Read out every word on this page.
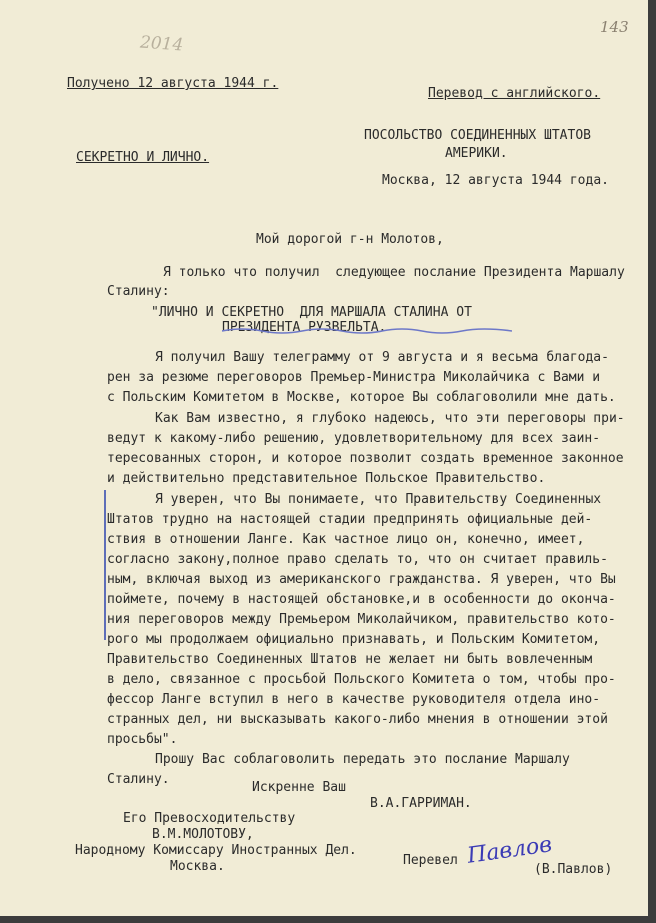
143
2014
Получено 12 августа 1944 г.
Перевод с английского.
ПОСОЛЬСТВО СОЕДИНЕННЫХ ШТАТОВ
АМЕРИКИ.
СЕКРЕТНО И ЛИЧНО.
Москва, 12 августа 1944 года.
Мой дорогой г-н Молотов,
Я только что получил  следующее послание Президента Маршалу
Сталину:
"ЛИЧНО И СЕКРЕТНО  ДЛЯ МАРШАЛА СТАЛИНА ОТ
ПРЕЗИДЕНТА РУЗВЕЛЬТА.
Я получил Вашу телеграмму от 9 августа и я весьма благода-
рен за резюме переговоров Премьер-Министра Миколайчика с Вами и
с Польским Комитетом в Москве, которое Вы соблаговолили мне дать.
Как Вам известно, я глубоко надеюсь, что эти переговоры при-
ведут к какому-либо решению, удовлетворительному для всех заин-
тересованных сторон, и которое позволит создать временное законное
и действительно представительное Польское Правительство.
Я уверен, что Вы понимаете, что Правительству Соединенных
Штатов трудно на настоящей стадии предпринять официальные дей-
ствия в отношении Ланге. Как частное лицо он, конечно, имеет,
согласно закону,полное право сделать то, что он считает правиль-
ным, включая выход из американского гражданства. Я уверен, что Вы
поймете, почему в настоящей обстановке,и в особенности до оконча-
ния переговоров между Премьером Миколайчиком, правительство кото-
рого мы продолжаем официально признавать, и Польским Комитетом,
Правительство Соединенных Штатов не желает ни быть вовлеченным
в дело, связанное с просьбой Польского Комитета о том, чтобы про-
фессор Ланге вступил в него в качестве руководителя отдела ино-
странных дел, ни высказывать какого-либо мнения в отношении этой
просьбы".
Прошу Вас соблаговолить передать это послание Маршалу
Сталину.
Искренне Ваш
В.А.ГАРРИМАН.
Его Превосходительству
В.М.МОЛОТОВУ,
Народному Комиссару Иностранных Дел.
Москва.	Перевел Павлов
(В.Павлов)
